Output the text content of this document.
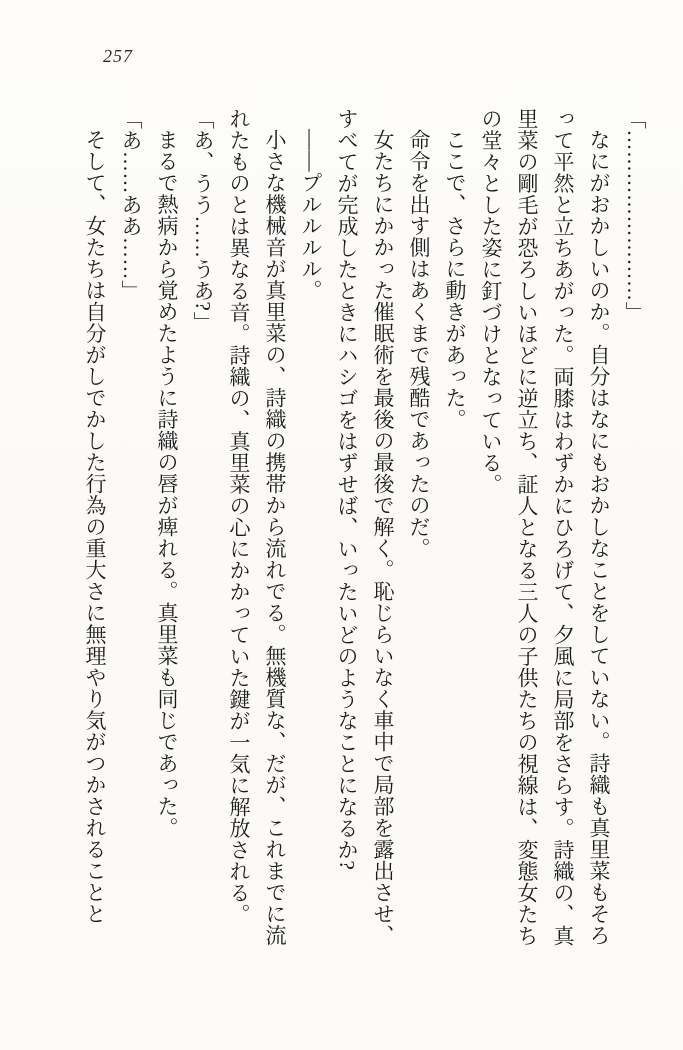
257

「……………………」

なにがおかしいのか。自分はなにもおかしなことをしていない。詩織も真里菜もそろって平然と立ちあがった。両膝はわずかにひろげて、夕風に局部をさらす。詩織の、真里菜の剛毛が恐ろしいほどに逆立ち、証人となる三人の子供たちの視線は、変態女たちの堂々とした姿に釘づけとなっている。

ここで、さらに動きがあった。

命令を出す側はあくまで残酷であったのだ。

女たちにかかった催眠術を最後の最後で解く。恥じらいなく車中で局部を露出させ、すべてが完成したときにハシゴをはずせば、いったいどのようなことになるか?

――プルルルル。

小さな機械音が真里菜の、詩織の携帯から流れでる。無機質な、だが、これまでに流れたものとは異なる音。詩織の、真里菜の心にかかっていた鍵が一気に解放される。

「あ、うう……うあ?」

まるで熱病から覚めたように詩織の唇が痺れる。真里菜も同じであった。

「あ……ああ……」

そして、女たちは自分がしでかした行為の重大さに無理やり気がつかされることと
